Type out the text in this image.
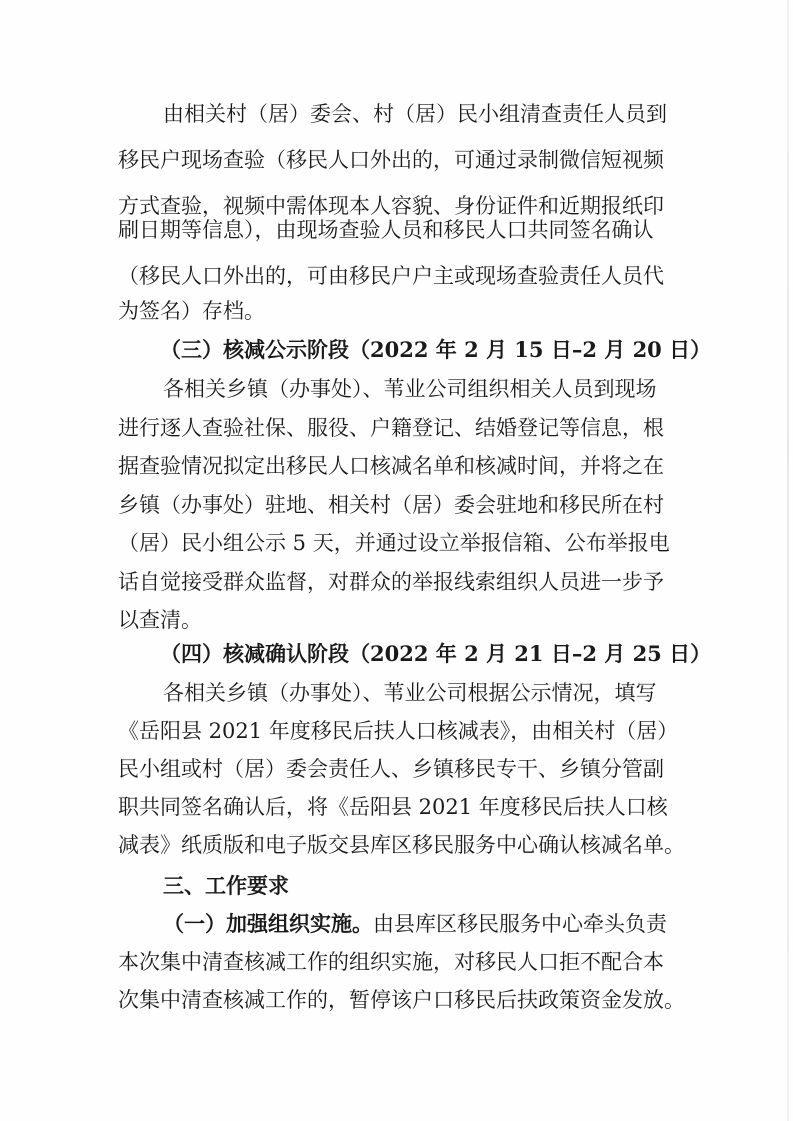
由相关村（居）委会、村（居）民小组清查责任人员到
移民户现场查验（移民人口外出的，可通过录制微信短视频
方式查验，视频中需体现本人容貌、身份证件和近期报纸印
刷日期等信息），由现场查验人员和移民人口共同签名确认
（移民人口外出的，可由移民户户主或现场查验责任人员代
为签名）存档。
（三）核减公示阶段（2022 年 2 月 15 日–2 月 20 日）
各相关乡镇（办事处）、苇业公司组织相关人员到现场
进行逐人查验社保、服役、户籍登记、结婚登记等信息，根
据查验情况拟定出移民人口核减名单和核减时间，并将之在
乡镇（办事处）驻地、相关村（居）委会驻地和移民所在村
（居）民小组公示 5 天，并通过设立举报信箱、公布举报电
话自觉接受群众监督，对群众的举报线索组织人员进一步予
以查清。
（四）核减确认阶段（2022 年 2 月 21 日–2 月 25 日）
各相关乡镇（办事处）、苇业公司根据公示情况，填写
《岳阳县 2021 年度移民后扶人口核减表》，由相关村（居）
民小组或村（居）委会责任人、乡镇移民专干、乡镇分管副
职共同签名确认后，将《岳阳县 2021 年度移民后扶人口核
减表》纸质版和电子版交县库区移民服务中心确认核减名单。
三、工作要求
（一）加强组织实施。由县库区移民服务中心牵头负责
本次集中清查核减工作的组织实施，对移民人口拒不配合本
次集中清查核减工作的，暂停该户口移民后扶政策资金发放。
